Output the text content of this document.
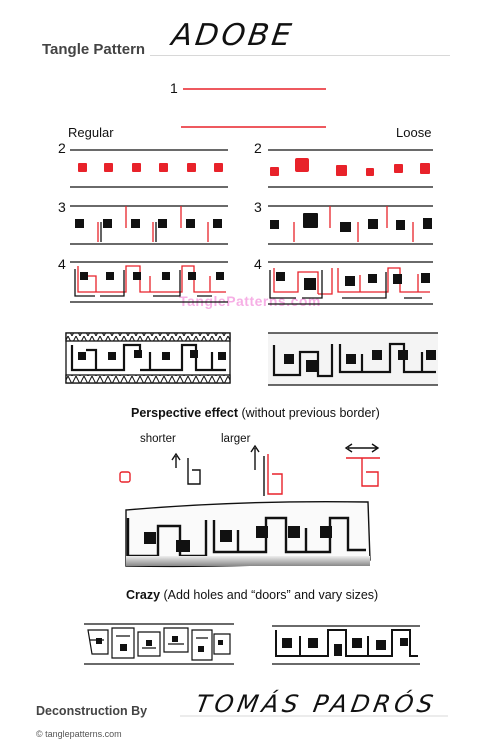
Tangle Pattern ADOBE
1
Regular	Loose
2	2
3	3
4	4
TanglePatterns.com
Perspective effect (without previous border)
shorter	larger
Crazy (Add holes and “doors” and vary sizes)
Deconstruction By TOMÁS PADRÓS
© tanglepatterns.com
